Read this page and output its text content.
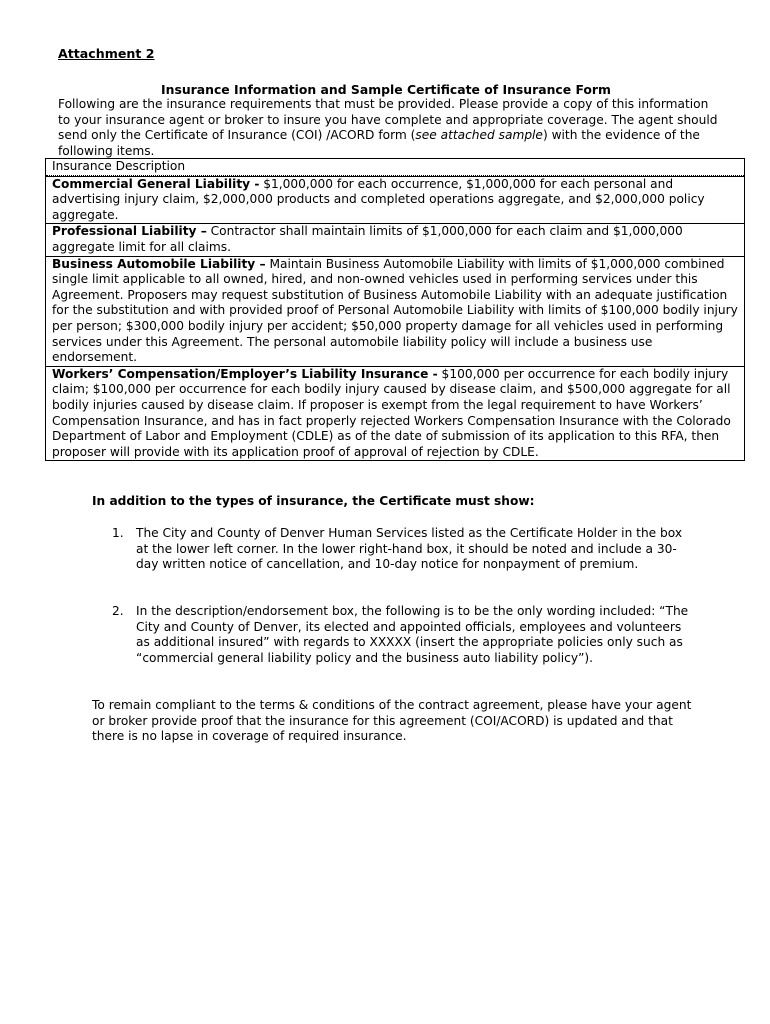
Attachment 2
Insurance Information and Sample Certificate of Insurance Form
Following are the insurance requirements that must be provided. Please provide a copy of this information to your insurance agent or broker to insure you have complete and appropriate coverage. The agent should send only the Certificate of Insurance (COI) /ACORD form (see attached sample) with the evidence of the following items.
Insurance Description
Commercial General Liability - $1,000,000 for each occurrence, $1,000,000 for each personal and advertising injury claim, $2,000,000 products and completed operations aggregate, and $2,000,000 policy aggregate.
Professional Liability – Contractor shall maintain limits of $1,000,000 for each claim and $1,000,000 aggregate limit for all claims.
Business Automobile Liability – Maintain Business Automobile Liability with limits of $1,000,000 combined single limit applicable to all owned, hired, and non-owned vehicles used in performing services under this Agreement. Proposers may request substitution of Business Automobile Liability with an adequate justification for the substitution and with provided proof of Personal Automobile Liability with limits of $100,000 bodily injury per person; $300,000 bodily injury per accident; $50,000 property damage for all vehicles used in performing services under this Agreement. The personal automobile liability policy will include a business use endorsement.
Workers’ Compensation/Employer’s Liability Insurance - $100,000 per occurrence for each bodily injury claim; $100,000 per occurrence for each bodily injury caused by disease claim, and $500,000 aggregate for all bodily injuries caused by disease claim. If proposer is exempt from the legal requirement to have Workers’ Compensation Insurance, and has in fact properly rejected Workers Compensation Insurance with the Colorado Department of Labor and Employment (CDLE) as of the date of submission of its application to this RFA, then proposer will provide with its application proof of approval of rejection by CDLE.
In addition to the types of insurance, the Certificate must show:
1. The City and County of Denver Human Services listed as the Certificate Holder in the box at the lower left corner. In the lower right-hand box, it should be noted and include a 30-day written notice of cancellation, and 10-day notice for nonpayment of premium.
2. In the description/endorsement box, the following is to be the only wording included: “The City and County of Denver, its elected and appointed officials, employees and volunteers as additional insured” with regards to XXXXX (insert the appropriate policies only such as “commercial general liability policy and the business auto liability policy”).
To remain compliant to the terms & conditions of the contract agreement, please have your agent or broker provide proof that the insurance for this agreement (COI/ACORD) is updated and that there is no lapse in coverage of required insurance.
